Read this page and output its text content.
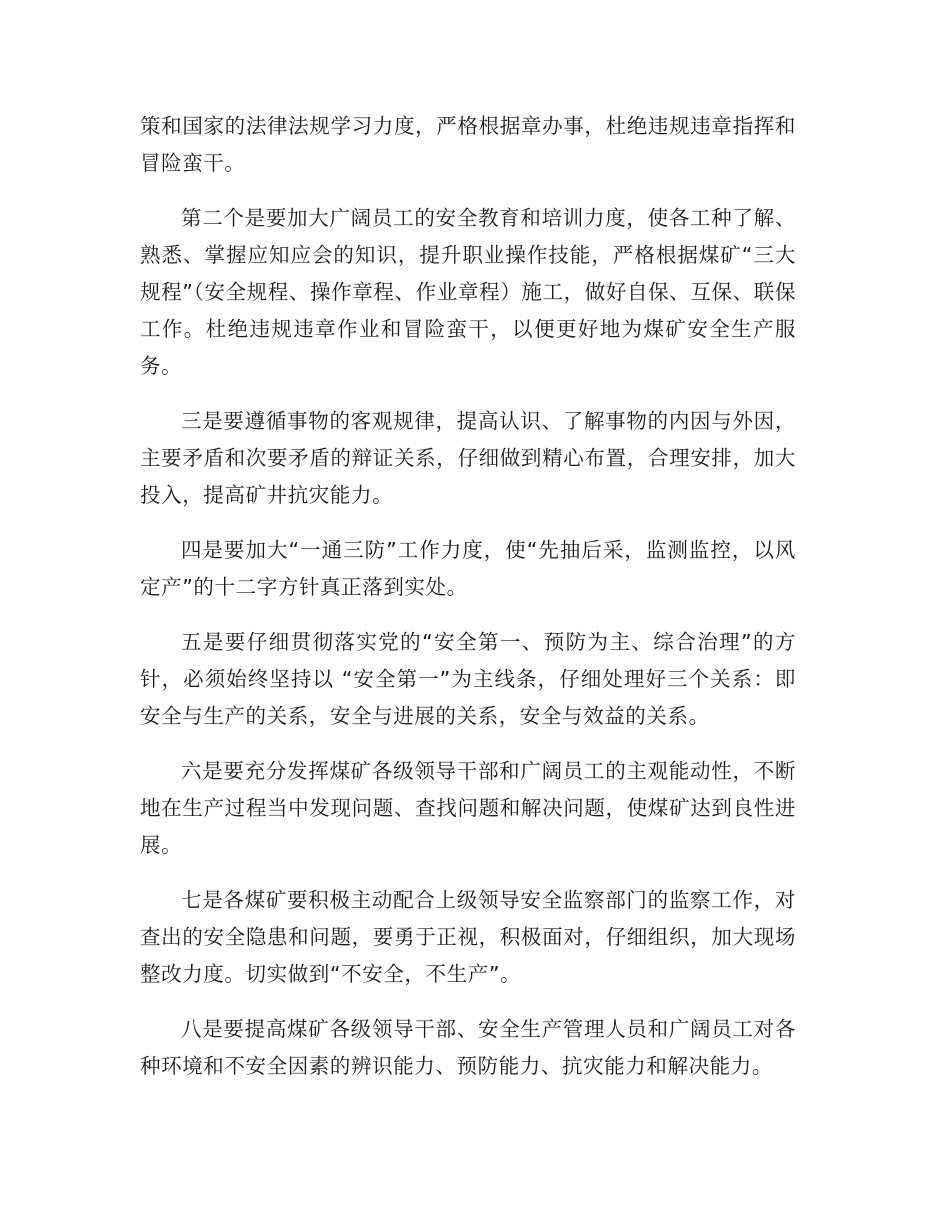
策和国家的法律法规学习力度，严格根据章办事，杜绝违规违章指挥和冒险蛮干。

第二个是要加大广阔员工的安全教育和培训力度，使各工种了解、熟悉、掌握应知应会的知识，提升职业操作技能，严格根据煤矿“三大规程”（安全规程、操作章程、作业章程）施工，做好自保、互保、联保工作。杜绝违规违章作业和冒险蛮干，以便更好地为煤矿安全生产服务。

三是要遵循事物的客观规律，提高认识、了解事物的内因与外因，主要矛盾和次要矛盾的辩证关系，仔细做到精心布置，合理安排，加大投入，提高矿井抗灾能力。

四是要加大“一通三防”工作力度，使“先抽后采，监测监控，以风定产”的十二字方针真正落到实处。

五是要仔细贯彻落实党的“安全第一、预防为主、综合治理”的方针，必须始终坚持以 “安全第一”为主线条，仔细处理好三个关系：即安全与生产的关系，安全与进展的关系，安全与效益的关系。

六是要充分发挥煤矿各级领导干部和广阔员工的主观能动性，不断地在生产过程当中发现问题、查找问题和解决问题，使煤矿达到良性进展。

七是各煤矿要积极主动配合上级领导安全监察部门的监察工作，对查出的安全隐患和问题，要勇于正视，积极面对，仔细组织，加大现场整改力度。切实做到“不安全，不生产”。

八是要提高煤矿各级领导干部、安全生产管理人员和广阔员工对各种环境和不安全因素的辨识能力、预防能力、抗灾能力和解决能力。
